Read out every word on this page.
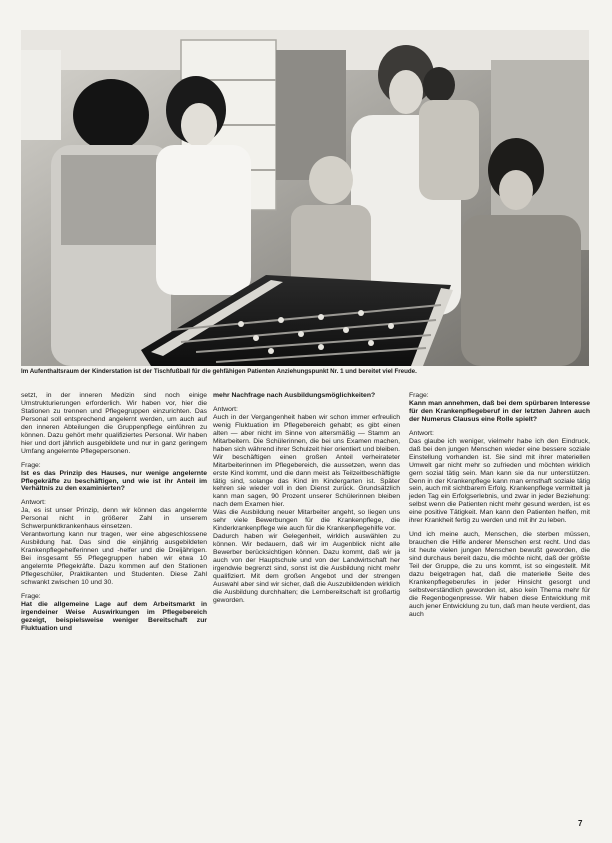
Im Aufenthaltsraum der Kinderstation ist der Tischfußball für die gehfähigen Patienten Anziehungspunkt Nr. 1 und bereitet viel Freude.

setzt, in der inneren Medizin sind noch einige Umstrukturierungen erforderlich. Wir haben vor, hier die Stationen zu trennen und Pflegegruppen einzurichten. Das Personal soll entsprechend angelernt werden, um auch auf den inneren Abteilungen die Gruppenpflege einführen zu können. Dazu gehört mehr qualifiziertes Personal. Wir haben hier und dort jährlich ausgebildete und nur in ganz geringem Umfang angelernte Pflegepersonen.

Frage:

Ist es das Prinzip des Hauses, nur wenige angelernte Pflegekräfte zu beschäftigen, und wie ist ihr Anteil im Verhältnis zu den examinierten?

Antwort:

Ja, es ist unser Prinzip, denn wir können das angelernte Personal nicht in größerer Zahl in unserem Schwerpunktkrankenhaus einsetzen.

Verantwortung kann nur tragen, wer eine abgeschlossene Ausbildung hat. Das sind die einjährig ausgebildeten Krankenpflegehelferinnen und -helfer und die Dreijährigen. Bei insgesamt 55 Pflegegruppen haben wir etwa 10 angelernte Pflegekräfte. Dazu kommen auf den Stationen Pflegeschüler, Praktikanten und Studenten. Diese Zahl schwankt zwischen 10 und 30.

Frage:

Hat die allgemeine Lage auf dem Arbeitsmarkt in irgendeiner Weise Auswirkungen im Pflegebereich gezeigt, beispielsweise weniger Bereitschaft zur Fluktuation und

mehr Nachfrage nach Ausbildungsmöglichkeiten?

Antwort:

Auch in der Vergangenheit haben wir schon immer erfreulich wenig Fluktuation im Pflegebereich gehabt; es gibt einen alten — aber nicht im Sinne von altersmäßig — Stamm an Mitarbeitern. Die Schülerinnen, die bei uns Examen machen, haben sich während ihrer Schulzeit hier orientiert und bleiben. Wir beschäftigen einen großen Anteil verheirateter Mitarbeiterinnen im Pflegebereich, die aussetzen, wenn das erste Kind kommt, und die dann meist als Teilzeitbeschäftigte tätig sind, solange das Kind im Kindergarten ist. Später kehren sie wieder voll in den Dienst zurück. Grundsätzlich kann man sagen, 90 Prozent unserer Schülerinnen bleiben nach dem Examen hier.

Was die Ausbildung neuer Mitarbeiter angeht, so liegen uns sehr viele Bewerbungen für die Krankenpflege, die Kinderkrankenpflege wie auch für die Krankenpflegehilfe vor.

Dadurch haben wir Gelegenheit, wirklich auswählen zu können. Wir bedauern, daß wir im Augenblick nicht alle Bewerber berücksichtigen können. Dazu kommt, daß wir ja auch von der Hauptschule und von der Landwirtschaft her irgendwie begrenzt sind, sonst ist die Ausbildung nicht mehr qualifiziert. Mit dem großen Angebot und der strengen Auswahl aber sind wir sicher, daß die Auszubildenden wirklich die Ausbildung durchhalten; die Lernbereitschaft ist großartig geworden.

Frage:

Kann man annehmen, daß bei dem spürbaren Interesse für den Krankenpflegeberuf in der letzten Jahren auch der Numerus Clausus eine Rolle spielt?

Antwort:

Das glaube ich weniger, vielmehr habe ich den Eindruck, daß bei den jungen Menschen wieder eine bessere soziale Einstellung vorhanden ist. Sie sind mit ihrer materiellen Umwelt gar nicht mehr so zufrieden und möchten wirklich gern sozial tätig sein. Man kann sie da nur unterstützen. Denn in der Krankenpflege kann man ernsthaft soziale tätig sein, auch mit sichtbarem Erfolg. Krankenpflege vermittelt ja jeden Tag ein Erfolgserlebnis, und zwar in jeder Beziehung: selbst wenn die Patienten nicht mehr gesund werden, ist es eine positive Tätigkeit. Man kann den Patienten helfen, mit ihrer Krankheit fertig zu werden und mit ihr zu leben.

Und ich meine auch, Menschen, die sterben müssen, brauchen die Hilfe anderer Menschen erst recht. Und das ist heute vielen jungen Menschen bewußt geworden, die sind durchaus bereit dazu, die möchte nicht, daß der größte Teil der Gruppe, die zu uns kommt, ist so eingestellt. Mit dazu beigetragen hat, daß die materielle Seite des Krankenpflegeberufes in jeder Hinsicht gesorgt und selbstverständlich geworden ist, also kein Thema mehr für die Regenbogenpresse. Wir haben diese Entwicklung mit auch jener Entwicklung zu tun, daß man heute verdient, das auch

7
